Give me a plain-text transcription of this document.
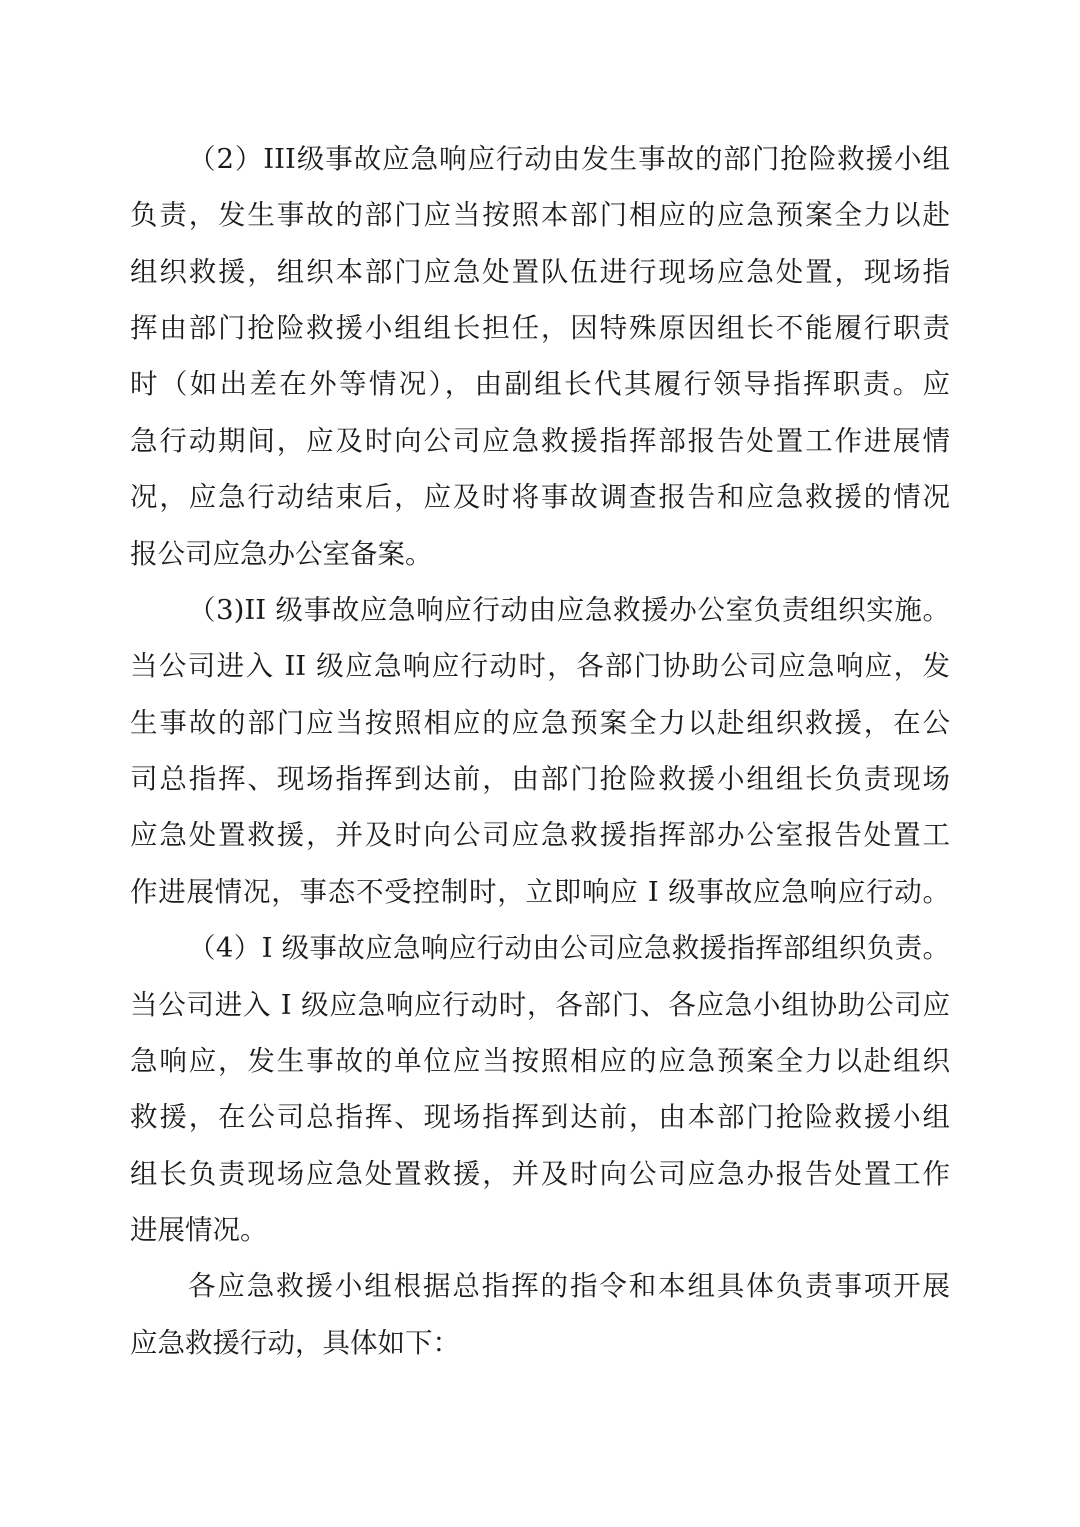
（2）III级事故应急响应行动由发生事故的部门抢险救援小组
负责，发生事故的部门应当按照本部门相应的应急预案全力以赴
组织救援，组织本部门应急处置队伍进行现场应急处置，现场指
挥由部门抢险救援小组组长担任，因特殊原因组长不能履行职责
时（如出差在外等情况），由副组长代其履行领导指挥职责。应
急行动期间，应及时向公司应急救援指挥部报告处置工作进展情
况，应急行动结束后，应及时将事故调查报告和应急救援的情况
报公司应急办公室备案。
（3)II 级事故应急响应行动由应急救援办公室负责组织实施。
当公司进入 II 级应急响应行动时，各部门协助公司应急响应，发
生事故的部门应当按照相应的应急预案全力以赴组织救援，在公
司总指挥、现场指挥到达前，由部门抢险救援小组组长负责现场
应急处置救援，并及时向公司应急救援指挥部办公室报告处置工
作进展情况，事态不受控制时，立即响应 I 级事故应急响应行动。
（4）I 级事故应急响应行动由公司应急救援指挥部组织负责。
当公司进入 I 级应急响应行动时，各部门、各应急小组协助公司应
急响应，发生事故的单位应当按照相应的应急预案全力以赴组织
救援，在公司总指挥、现场指挥到达前，由本部门抢险救援小组
组长负责现场应急处置救援，并及时向公司应急办报告处置工作
进展情况。
各应急救援小组根据总指挥的指令和本组具体负责事项开展
应急救援行动，具体如下：
